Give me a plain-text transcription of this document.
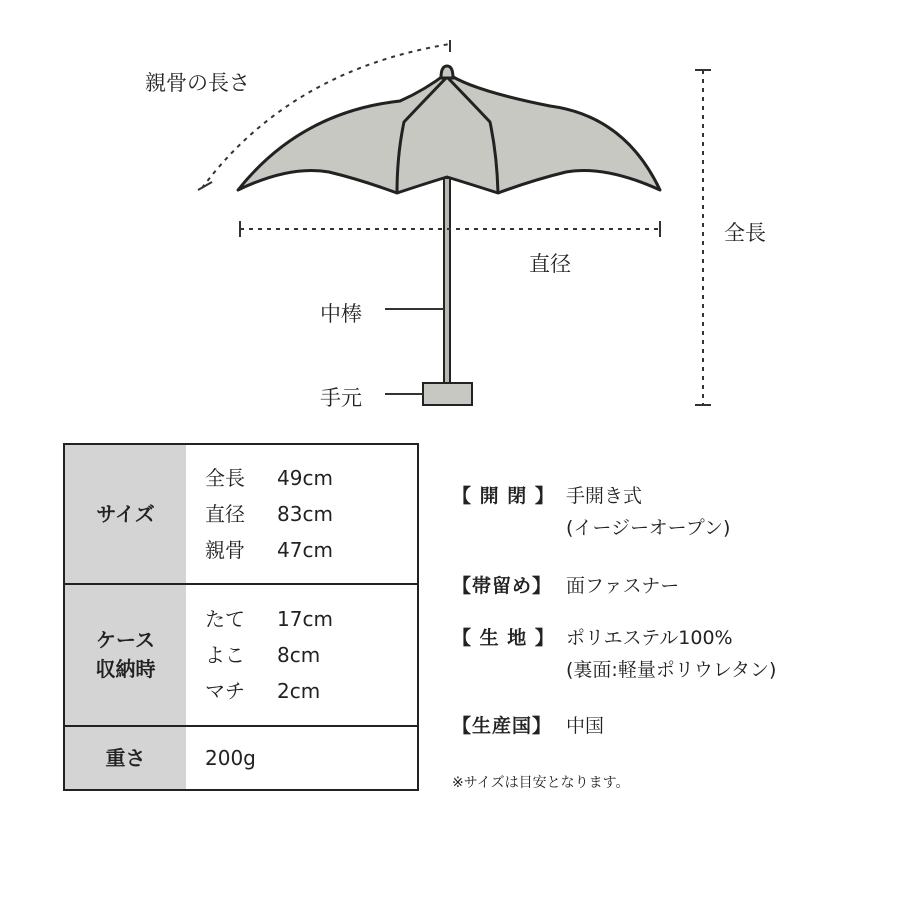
親骨の長さ
全長
直径
中棒
手元
サイズ
全長	49cm
直径	83cm
親骨	47cm
ケース
収納時
たて	17cm
よこ	8cm
マチ	2cm
重さ	200g
【 開 閉 】 手開き式
(イージーオープン)
【帯留め】 面ファスナー
【 生 地 】 ポリエステル100%
(裏面:軽量ポリウレタン)
【生産国】 中国
※サイズは目安となります。
